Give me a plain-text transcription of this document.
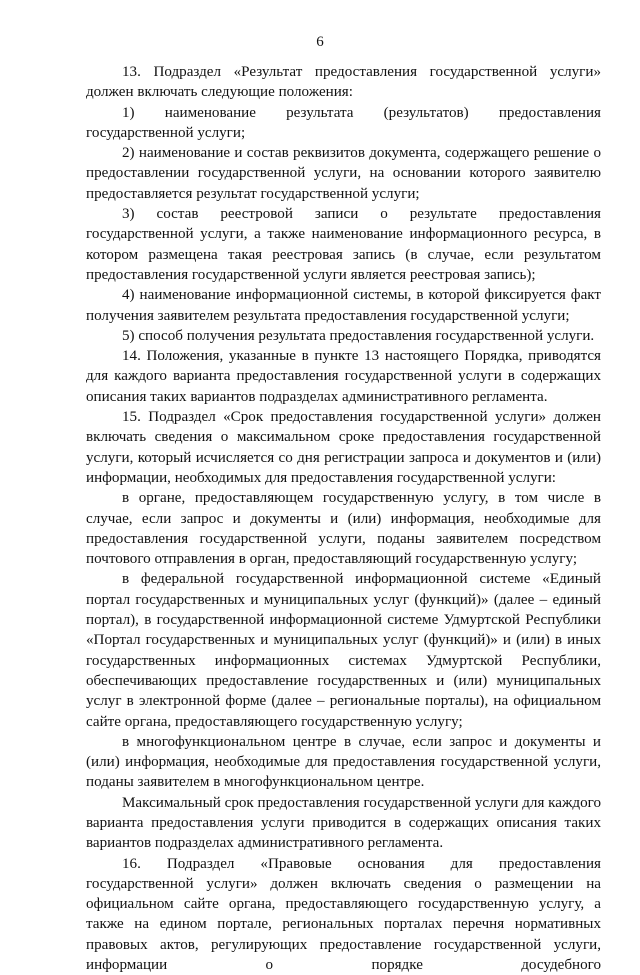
6

13. Подраздел «Результат предоставления государственной услуги» должен включать следующие положения:

1) наименование результата (результатов) предоставления государственной услуги;

2) наименование и состав реквизитов документа, содержащего решение о предоставлении государственной услуги, на основании которого заявителю предоставляется результат государственной услуги;

3) состав реестровой записи о результате предоставления государственной услуги, а также наименование информационного ресурса, в котором размещена такая реестровая запись (в случае, если результатом предоставления государственной услуги является реестровая запись);

4) наименование информационной системы, в которой фиксируется факт получения заявителем результата предоставления государственной услуги;

5) способ получения результата предоставления государственной услуги.

14. Положения, указанные в пункте 13 настоящего Порядка, приводятся для каждого варианта предоставления государственной услуги в содержащих описания таких вариантов подразделах административного регламента.

15. Подраздел «Срок предоставления государственной услуги» должен включать сведения о максимальном сроке предоставления государственной услуги, который исчисляется со дня регистрации запроса и документов и (или) информации, необходимых для предоставления государственной услуги:

в органе, предоставляющем государственную услугу, в том числе в случае, если запрос и документы и (или) информация, необходимые для предоставления государственной услуги, поданы заявителем посредством почтового отправления в орган, предоставляющий государственную услугу;

в федеральной государственной информационной системе «Единый портал государственных и муниципальных услуг (функций)» (далее – единый портал), в государственной информационной системе Удмуртской Республики «Портал государственных и муниципальных услуг (функций)» и (или) в иных государственных информационных системах Удмуртской Республики, обеспечивающих предоставление государственных и (или) муниципальных услуг в электронной форме (далее – региональные порталы), на официальном сайте органа, предоставляющего государственную услугу;

в многофункциональном центре в случае, если запрос и документы и (или) информация, необходимые для предоставления государственной услуги, поданы заявителем в многофункциональном центре.

Максимальный срок предоставления государственной услуги для каждого варианта предоставления услуги приводится в содержащих описания таких вариантов подразделах административного регламента.

16. Подраздел «Правовые основания для предоставления государственной услуги» должен включать сведения о размещении на официальном сайте органа, предоставляющего государственную услугу, а также на едином портале, региональных порталах перечня нормативных правовых актов, регулирующих предоставление государственной услуги, информации о порядке досудебного
